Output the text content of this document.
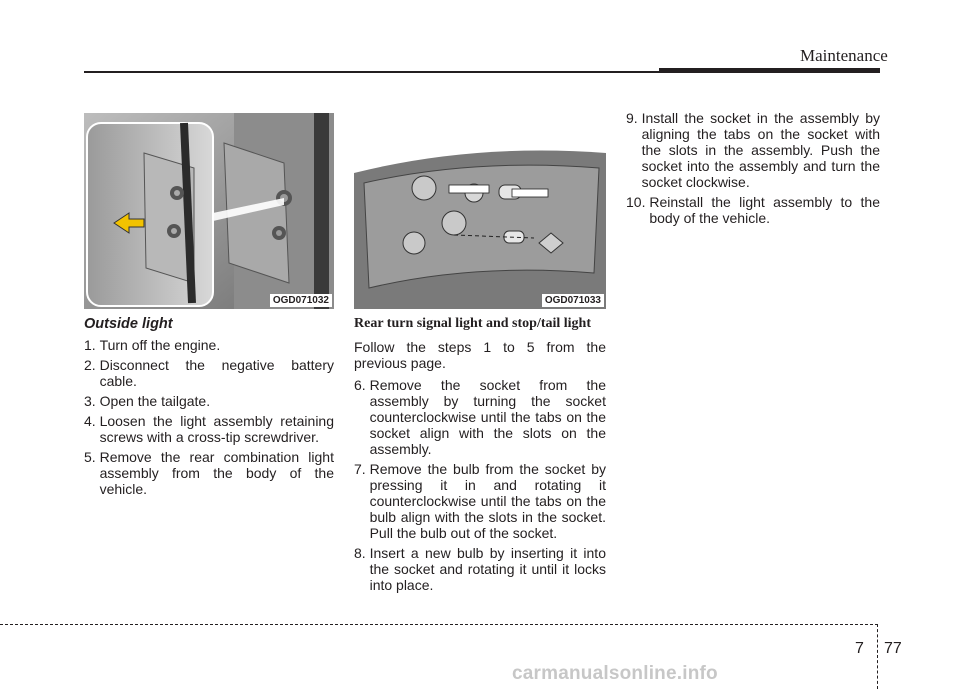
Maintenance
OGD071032	OGD071033
Outside light
1. Turn off the engine.
2. Disconnect the negative battery cable.
3. Open the tailgate.
4. Loosen the light assembly retaining screws with a cross-tip screwdriver.
5. Remove the rear combination light assembly from the body of the vehicle.
Rear turn signal light and stop/tail light

Follow the steps 1 to 5 from the previous page.

6. Remove the socket from the assembly by turning the socket counterclockwise until the tabs on the socket align with the slots on the assembly.
7. Remove the bulb from the socket by pressing it in and rotating it counterclockwise until the tabs on the bulb align with the slots in the socket. Pull the bulb out of the socket.
8. Insert a new bulb by inserting it into the socket and rotating it until it locks into place.
9. Install the socket in the assembly by aligning the tabs on the socket with the slots in the assembly. Push the socket into the assembly and turn the socket clockwise.
10. Reinstall the light assembly to the body of the vehicle.
7 77
carmanualsonline.info
